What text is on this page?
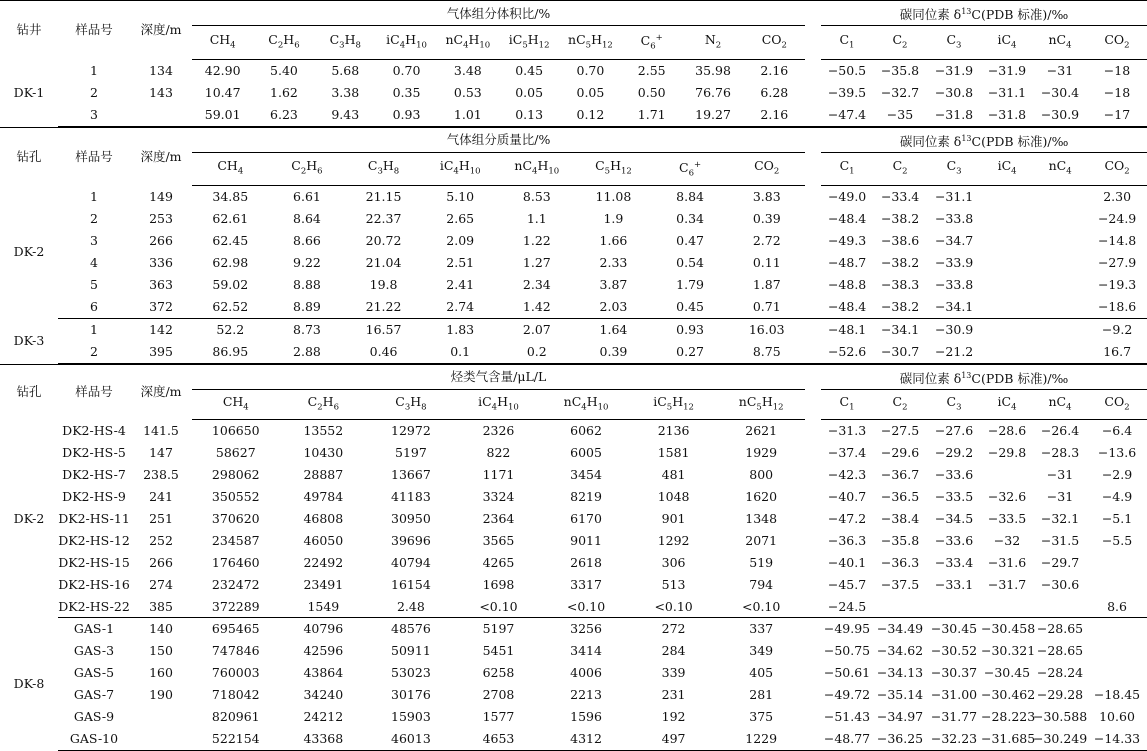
钻井	样品号	深度/m	气体组分体积比/%											碳同位素 $\delta^{13}C(PDB$ 标准)/‰					
			$CH_4$	$C_2H_6$	$C_3H_8$	$iC_4H_{10}$	$nC_4H_{10}$	$iC_5H_{12}$	$nC_5H_{12}$	$C_6^+$	$N_2$	$CO_2$		$C_1$	$C_2$	$C_3$	$iC_4$	$nC_4$	$CO_2$
DK-1	1	134	42.90	5.40	5.68	0.70	3.48	0.45	0.70	2.55	35.98	2.16		−50.5	−35.8	−31.9	−31.9	−31	−18
	2	143	10.47	1.62	3.38	0.35	0.53	0.05	0.05	0.50	76.76	6.28		−39.5	−32.7	−30.8	−31.1	−30.4	−18
	3		59.01	6.23	9.43	0.93	1.01	0.13	0.12	1.71	19.27	2.16		−47.4	−35	−31.8	−31.8	−30.9	−17
钻孔	样品号	深度/m	气体组分质量比/%									碳同位素 $\delta^{13}C(PDB$ 标准)/‰					
			$CH_4$	$C_2H_6$	$C_3H_8$	$iC_4H_{10}$	$nC_4H_{10}$	$C_5H_{12}$	$C_6^+$	$CO_2$		$C_1$	$C_2$	$C_3$	$iC_4$	$nC_4$	$CO_2$
DK-2	1	149	34.85	6.61	21.15	5.10	8.53	11.08	8.84	3.83		−49.0	−33.4	−31.1			2.30
	2	253	62.61	8.64	22.37	2.65	1.1	1.9	0.34	0.39		−48.4	−38.2	−33.8			−24.9
	3	266	62.45	8.66	20.72	2.09	1.22	1.66	0.47	2.72		−49.3	−38.6	−34.7			−14.8
	4	336	62.98	9.22	21.04	2.51	1.27	2.33	0.54	0.11		−48.7	−38.2	−33.9			−27.9
	5	363	59.02	8.88	19.8	2.41	2.34	3.87	1.79	1.87		−48.8	−38.3	−33.8			−19.3
	6	372	62.52	8.89	21.22	2.74	1.42	2.03	0.45	0.71		−48.4	−38.2	−34.1			−18.6
DK-3	1	142	52.2	8.73	16.57	1.83	2.07	1.64	0.93	16.03		−48.1	−34.1	−30.9			−9.2
	2	395	86.95	2.88	0.46	0.1	0.2	0.39	0.27	8.75		−52.6	−30.7	−21.2			16.7
钻孔	样品号	深度/m	烃类气含量/μL/L								碳同位素 $\delta^{13}C(PDB$ 标准)/‰					
			$CH_4$	$C_2H_6$	$C_3H_8$	$iC_4H_{10}$	$nC_4H_{10}$	$iC_5H_{12}$	$nC_5H_{12}$		$C_1$	$C_2$	$C_3$	$iC_4$	$nC_4$	$CO_2$
DK-2	DK2-HS-4	141.5	106650	13552	12972	2326	6062	2136	2621		−31.3	−27.5	−27.6	−28.6	−26.4	−6.4
	DK2-HS-5	147	58627	10430	5197	822	6005	1581	1929		−37.4	−29.6	−29.2	−29.8	−28.3	−13.6
	DK2-HS-7	238.5	298062	28887	13667	1171	3454	481	800		−42.3	−36.7	−33.6		−31	−2.9
	DK2-HS-9	241	350552	49784	41183	3324	8219	1048	1620		−40.7	−36.5	−33.5	−32.6	−31	−4.9
	DK2-HS-11	251	370620	46808	30950	2364	6170	901	1348		−47.2	−38.4	−34.5	−33.5	−32.1	−5.1
	DK2-HS-12	252	234587	46050	39696	3565	9011	1292	2071		−36.3	−35.8	−33.6	−32	−31.5	−5.5
	DK2-HS-15	266	176460	22492	40794	4265	2618	306	519		−40.1	−36.3	−33.4	−31.6	−29.7	
	DK2-HS-16	274	232472	23491	16154	1698	3317	513	794		−45.7	−37.5	−33.1	−31.7	−30.6	
	DK2-HS-22	385	372289	1549	2.48	<0.10	<0.10	<0.10	<0.10		−24.5					8.6
DK-8	GAS-1	140	695465	40796	48576	5197	3256	272	337		−49.95	−34.49	−30.45	−30.458	−28.65	
	GAS-3	150	747846	42596	50911	5451	3414	284	349		−50.75	−34.62	−30.52	−30.321	−28.65	
	GAS-5	160	760003	43864	53023	6258	4006	339	405		−50.61	−34.13	−30.37	−30.45	−28.24	
	GAS-7	190	718042	34240	30176	2708	2213	231	281		−49.72	−35.14	−31.00	−30.462	−29.28	−18.45
	GAS-9		820961	24212	15903	1577	1596	192	375		−51.43	−34.97	−31.77	−28.223	−30.588	10.60
	GAS-10		522154	43368	46013	4653	4312	497	1229		−48.77	−36.25	−32.23	−31.685	−30.249	−14.33
